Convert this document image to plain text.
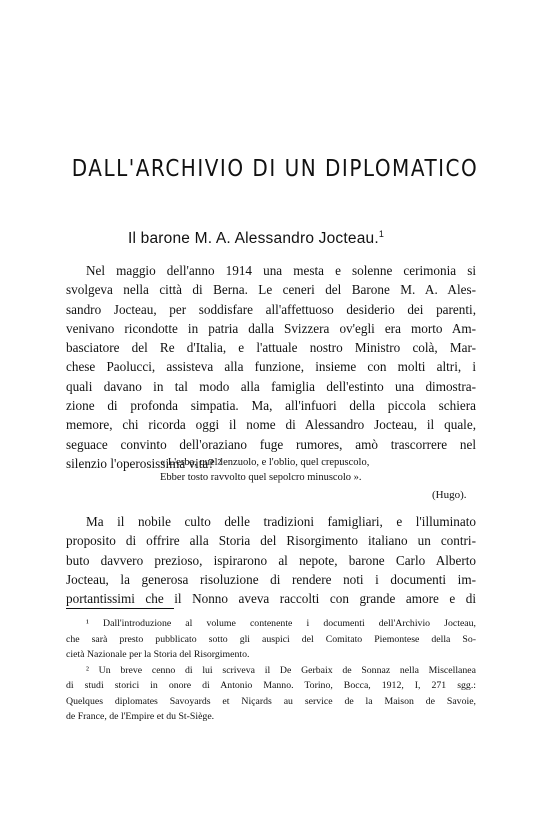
DALL'ARCHIVIO DI UN DIPLOMATICO
Il barone M. A. Alessandro Jocteau.$^1$
Nel maggio dell'anno 1914 una mesta e solenne cerimonia si
svolgeva nella città di Berna. Le ceneri del Barone M. A. Ales-
sandro Jocteau, per soddisfare all'affettuoso desiderio dei parenti,
venivano ricondotte in patria dalla Svizzera ov'egli era morto Am-
basciatore del Re d'Italia, e l'attuale nostro Ministro colà, Mar-
chese Paolucci, assisteva alla funzione, insieme con molti altri, i
quali davano in tal modo alla famiglia dell'estinto una dimostra-
zione di profonda simpatia. Ma, all'infuori della piccola schiera
memore, chi ricorda oggi il nome di Alessandro Jocteau, il quale,
seguace convinto dell'oraziano fuge rumores, amò trascorrere nel
silenzio l'operosissima vita? ²
« L'erba, quel lenzuolo, e l'oblio, quel crepuscolo,
Ebber tosto ravvolto quel sepolcro minuscolo ».
(Hugo).
Ma il nobile culto delle tradizioni famigliari, e l'illuminato
proposito di offrire alla Storia del Risorgimento italiano un contri-
buto davvero prezioso, ispirarono al nepote, barone Carlo Alberto
Jocteau, la generosa risoluzione di rendere noti i documenti im-
portantissimi che il Nonno aveva raccolti con grande amore e di
¹ Dall'introduzione al volume contenente i documenti dell'Archivio Jocteau,
che sarà presto pubblicato sotto gli auspici del Comitato Piemontese della So-
cietà Nazionale per la Storia del Risorgimento.
² Un breve cenno di lui scriveva il De Gerbaix de Sonnaz nella Miscellanea
di studi storici in onore di Antonio Manno. Torino, Bocca, 1912, I, 271 sgg.:
Quelques diplomates Savoyards et Niçards au service de la Maison de Savoie,
de France, de l'Empire et du St-Siège.
